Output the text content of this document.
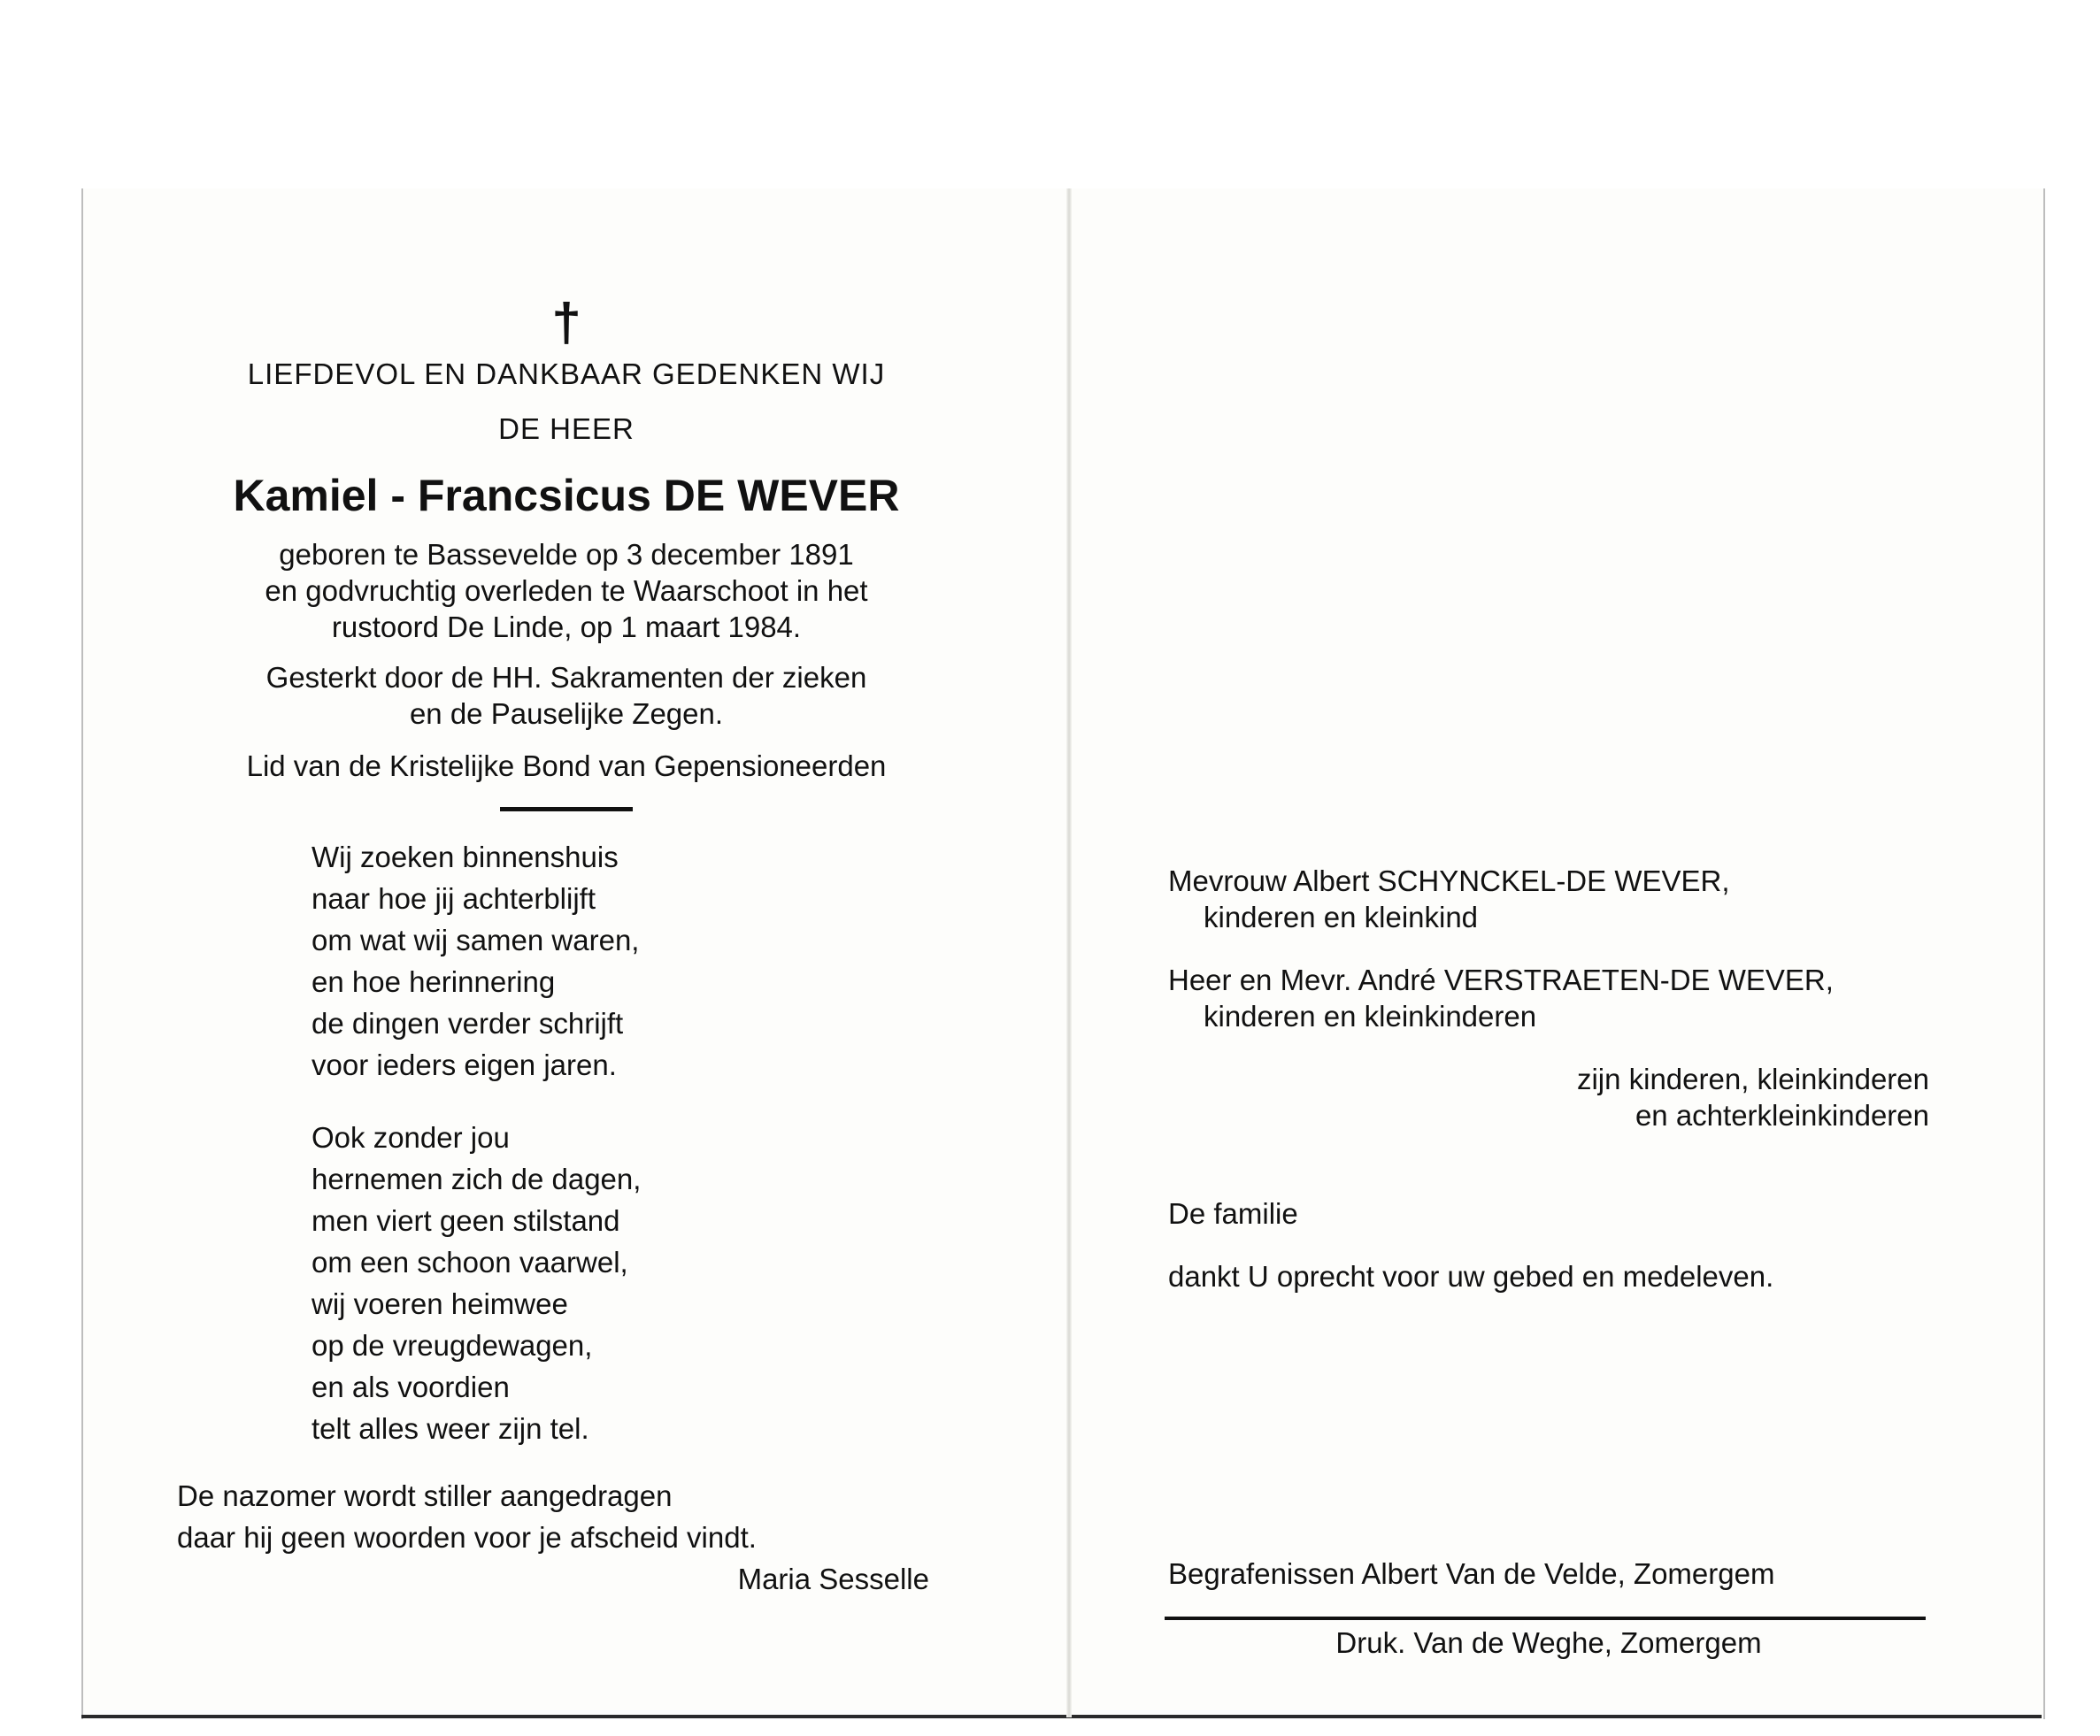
†
LIEFDEVOL EN DANKBAAR GEDENKEN WIJ
DE HEER
Kamiel - Francsicus DE WEVER

geboren te Bassevelde op 3 december 1891

en godvruchtig overleden te Waarschoot in het

rustoord De Linde, op 1 maart 1984.

Gesterkt door de HH. Sakramenten der zieken

en de Pauselijke Zegen.

Lid van de Kristelijke Bond van Gepensioneerden
Wij zoeken binnenshuis
naar hoe jij achterblijft
om wat wij samen waren,
en hoe herinnering
de dingen verder schrijft
voor ieders eigen jaren.
Ook zonder jou
hernemen zich de dagen,
men viert geen stilstand
om een schoon vaarwel,
wij voeren heimwee
op de vreugdewagen,
en als voordien
telt alles weer zijn tel.
De nazomer wordt stiller aangedragen
daar hij geen woorden voor je afscheid vindt.
Maria Sesselle
Mevrouw Albert SCHYNCKEL-DE WEVER,
kinderen en kleinkind
Heer en Mevr. André VERSTRAETEN-DE WEVER,
kinderen en kleinkinderen
zijn kinderen, kleinkinderen
en achterkleinkinderen
De familie
dankt U oprecht voor uw gebed en medeleven.
Begrafenissen Albert Van de Velde, Zomergem
Druk. Van de Weghe, Zomergem
